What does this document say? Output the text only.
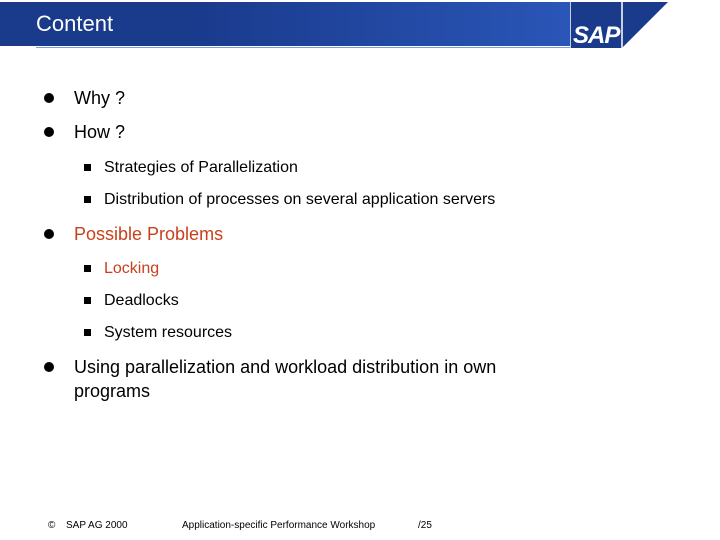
Content	SAP
Why ?
How ?
Strategies of Parallelization
Distribution of processes on several application servers
Possible Problems
Locking
Deadlocks
System resources
Using parallelization and workload distribution in own
programs
© SAP AG 2000	Application-specific Performance Workshop	/25
